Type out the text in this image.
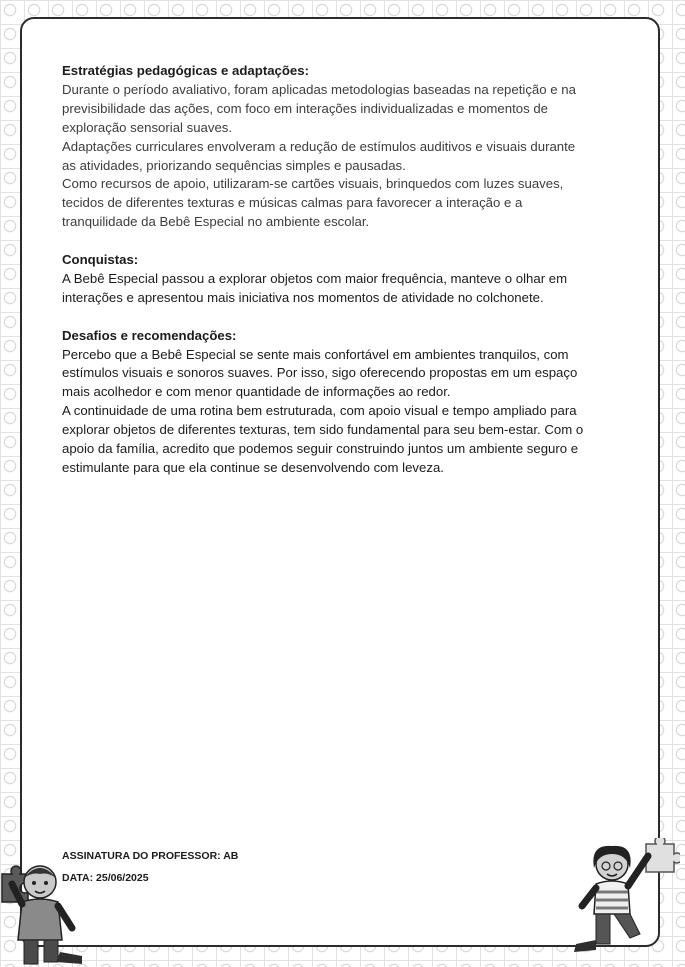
Estratégias pedagógicas e adaptações:

Durante o período avaliativo, foram aplicadas metodologias baseadas na repetição e na previsibilidade das ações, com foco em interações individualizadas e momentos de exploração sensorial suaves.

Adaptações curriculares envolveram a redução de estímulos auditivos e visuais durante as atividades, priorizando sequências simples e pausadas.

Como recursos de apoio, utilizaram-se cartões visuais, brinquedos com luzes suaves, tecidos de diferentes texturas e músicas calmas para favorecer a interação e a tranquilidade da Bebê Especial no ambiente escolar.

Conquistas:

A Bebê Especial passou a explorar objetos com maior frequência, manteve o olhar em interações e apresentou mais iniciativa nos momentos de atividade no colchonete.

Desafios e recomendações:

Percebo que a Bebê Especial se sente mais confortável em ambientes tranquilos, com estímulos visuais e sonoros suaves. Por isso, sigo oferecendo propostas em um espaço mais acolhedor e com menor quantidade de informações ao redor.

A continuidade de uma rotina bem estruturada, com apoio visual e tempo ampliado para explorar objetos de diferentes texturas, tem sido fundamental para seu bem-estar. Com o apoio da família, acredito que podemos seguir construindo juntos um ambiente seguro e estimulante para que ela continue se desenvolvendo com leveza.

ASSINATURA DO PROFESSOR: AB
DATA: 25/06/2025
